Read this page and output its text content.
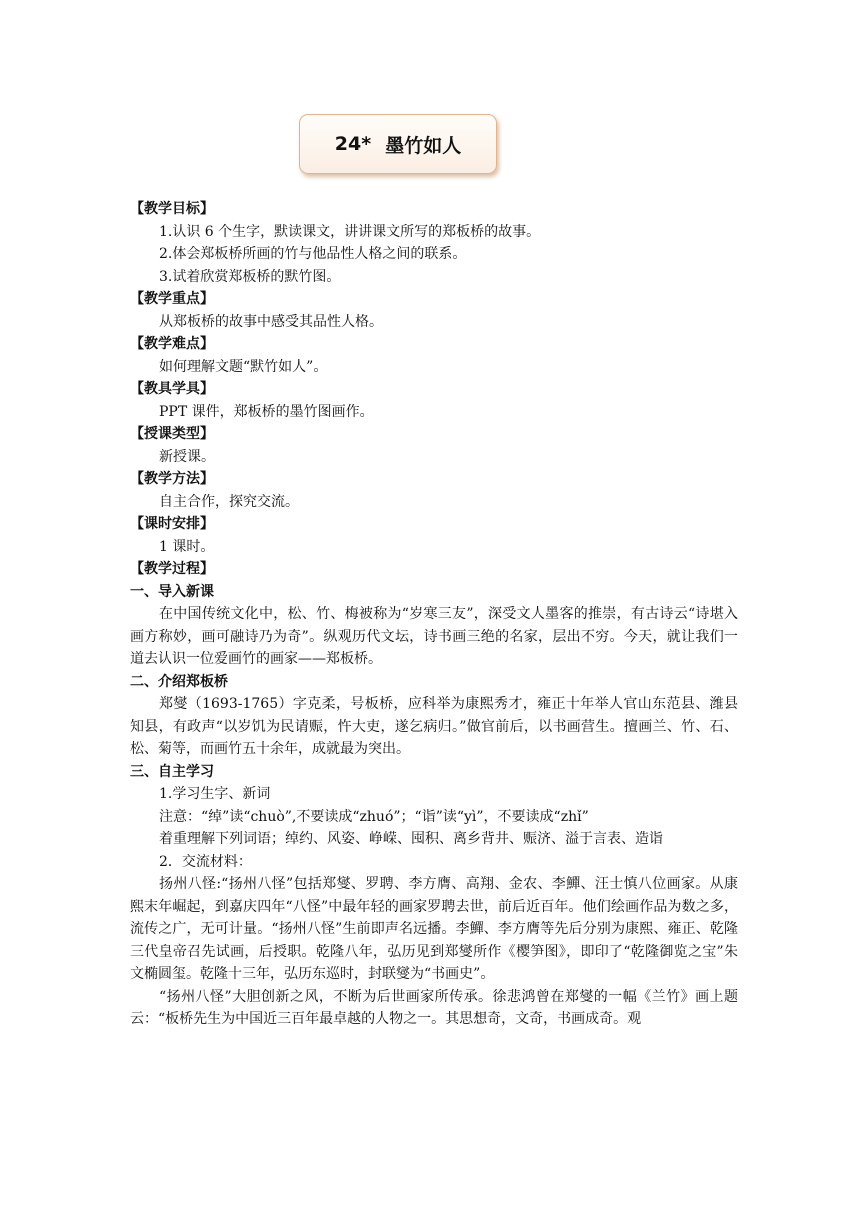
24* 墨竹如人

【教学目标】

1.认识 6 个生字，默读课文，讲讲课文所写的郑板桥的故事。

2.体会郑板桥所画的竹与他品性人格之间的联系。

3.试着欣赏郑板桥的默竹图。

【教学重点】

从郑板桥的故事中感受其品性人格。

【教学难点】

如何理解文题“默竹如人”。

【教具学具】

PPT 课件，郑板桥的墨竹图画作。

【授课类型】

新授课。

【教学方法】

自主合作，探究交流。

【课时安排】

1 课时。

【教学过程】

一、导入新课

在中国传统文化中，松、竹、梅被称为“岁寒三友”，深受文人墨客的推崇，有古诗云“诗堪入画方称妙，画可融诗乃为奇”。纵观历代文坛，诗书画三绝的名家，层出不穷。今天，就让我们一道去认识一位爱画竹的画家——郑板桥。

二、介绍郑板桥

郑燮（1693-1765）字克柔，号板桥，应科举为康熙秀才，雍正十年举人官山东范县、潍县知县，有政声“以岁饥为民请赈，忤大吏，遂乞病归。”做官前后，以书画营生。擅画兰、竹、石、松、菊等，而画竹五十余年，成就最为突出。

三、自主学习

1.学习生字、新词

注意：“绰”读“chuò”,不要读成“zhuó”；“诣”读“yì”，不要读成“zhǐ”

着重理解下列词语；绰约、风姿、峥嵘、囤积、离乡背井、赈济、溢于言表、造诣

2．交流材料：

扬州八怪:“扬州八怪”包括郑燮、罗聘、李方膺、高翔、金农、李鱓、汪士慎八位画家。从康熙末年崛起，到嘉庆四年“八怪”中最年轻的画家罗聘去世，前后近百年。他们绘画作品为数之多，流传之广，无可计量。“扬州八怪”生前即声名远播。李鱓、李方膺等先后分别为康熙、雍正、乾隆三代皇帝召先试画，后授职。乾隆八年，弘历见到郑燮所作《樱笋图》，即印了“乾隆御览之宝”朱文椭圆玺。乾隆十三年，弘历东巡时，封联燮为“书画史”。

“扬州八怪”大胆创新之风，不断为后世画家所传承。徐悲鸿曾在郑燮的一幅《兰竹》画上题云：“板桥先生为中国近三百年最卓越的人物之一。其思想奇，文奇，书画成奇。观
